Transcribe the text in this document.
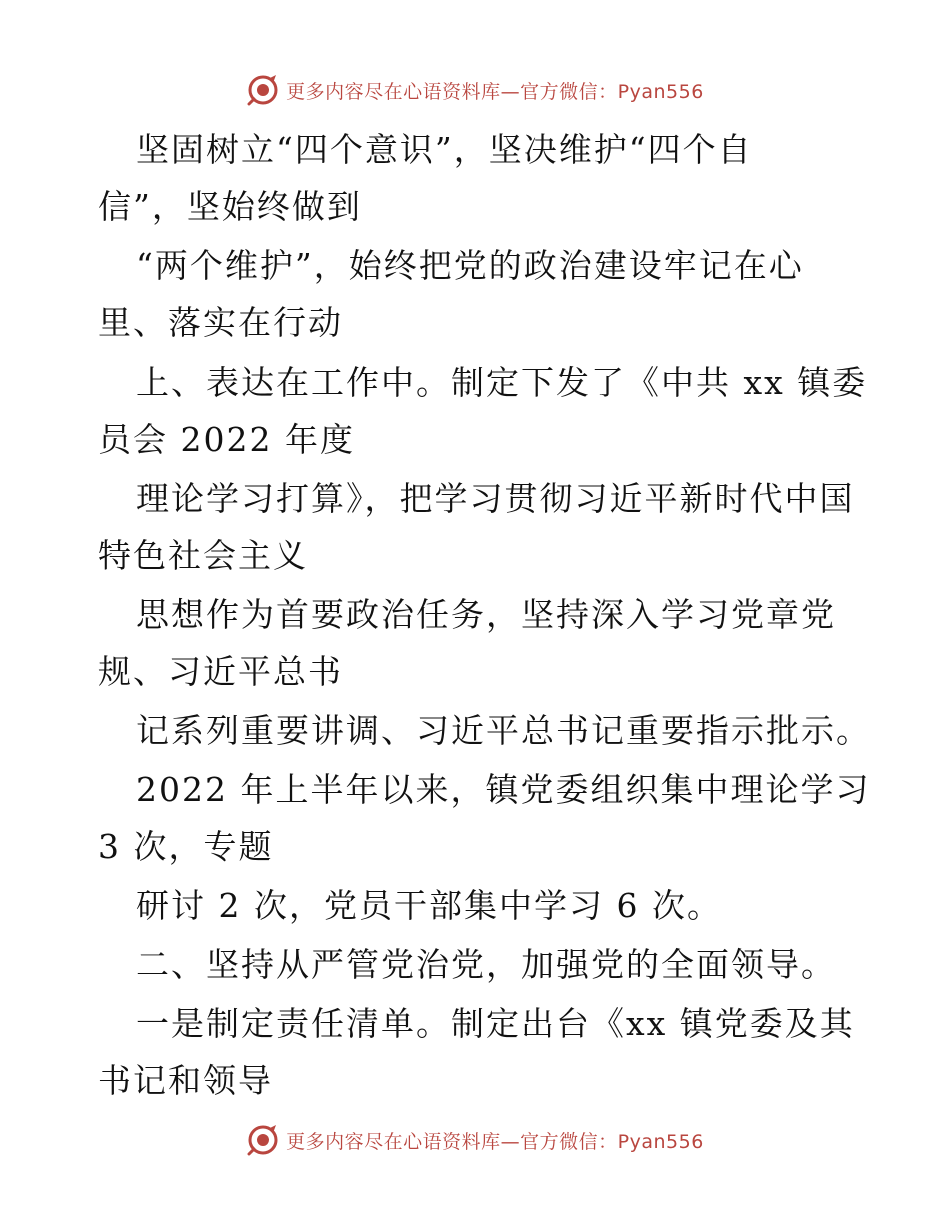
更多内容尽在心语资料库—官方微信：Pyan556
坚固树立“四个意识”，坚决维护“四个自
信”，坚始终做到
“两个维护”，始终把党的政治建设牢记在心
里、落实在行动
上、表达在工作中。制定下发了《中共 xx 镇委
员会 2022 年度
理论学习打算》，把学习贯彻习近平新时代中国
特色社会主义
思想作为首要政治任务，坚持深入学习党章党
规、习近平总书
记系列重要讲调、习近平总书记重要指示批示。
2022 年上半年以来，镇党委组织集中理论学习
3 次，专题
研讨 2 次，党员干部集中学习 6 次。
二、坚持从严管党治党，加强党的全面领导。
一是制定责任清单。制定出台《xx 镇党委及其
书记和领导
更多内容尽在心语资料库—官方微信：Pyan556
